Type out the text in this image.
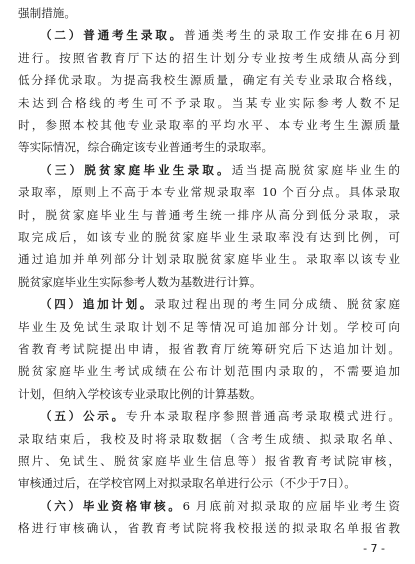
强制措施。
（二）普通考生录取。普通类考生的录取工作安排在6月初
进行。按照省教育厅下达的招生计划分专业按考生成绩从高分到
低分择优录取。为提高我校生源质量，确定有关专业录取合格线，
未达到合格线的考生可不予录取。当某专业实际参考人数不足
时，参照本校其他专业录取率的平均水平、本专业考生生源质量
等实际情况，综合确定该专业普通考生的录取率。
（三）脱贫家庭毕业生录取。适当提高脱贫家庭毕业生的
录取率，原则上不高于本专业常规录取率 10 个百分点。具体录取
时，脱贫家庭毕业生与普通考生统一排序从高分到低分录取，录
取完成后，如该专业的脱贫家庭毕业生录取率没有达到比例，可
通过追加并单列部分计划录取脱贫家庭毕业生。录取率以该专业
脱贫家庭毕业生实际参考人数为基数进行计算。
（四）追加计划。录取过程出现的考生同分成绩、脱贫家庭
毕业生及免试生录取计划不足等情况可追加部分计划。学校可向
省教育考试院提出申请，报省教育厅统筹研究后下达追加计划。
脱贫家庭毕业生考试成绩在公布计划范围内录取的，不需要追加
计划，但纳入学校该专业录取比例的计算基数。
（五）公示。专升本录取程序参照普通高考录取模式进行。
录取结束后，我校及时将录取数据（含考生成绩、拟录取名单、
照片、免试生、脱贫家庭毕业生信息等）报省教育考试院审核，
审核通过后，在学校官网上对拟录取名单进行公示（不少于7日）。
（六）毕业资格审核。6 月底前对拟录取的应届毕业考生资
格进行审核确认，省教育考试院将我校报送的拟录取名单报省教
- 7 -
